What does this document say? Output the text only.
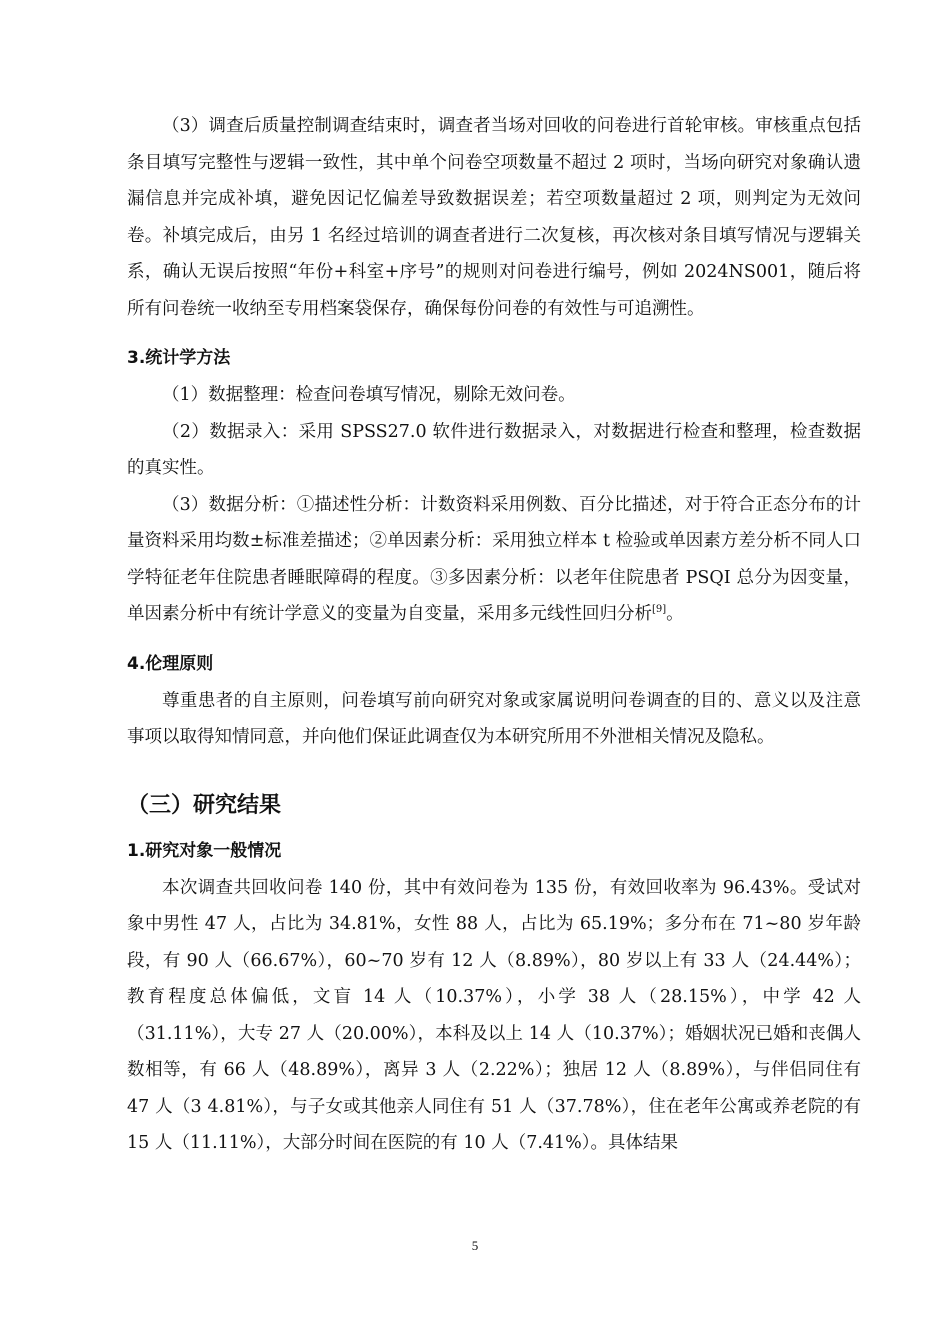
（3）调查后质量控制调查结束时，调查者当场对回收的问卷进行首轮审核。审核重点包括条目填写完整性与逻辑一致性，其中单个问卷空项数量不超过 2 项时，当场向研究对象确认遗漏信息并完成补填，避免因记忆偏差导致数据误差；若空项数量超过 2 项，则判定为无效问卷。补填完成后，由另 1 名经过培训的调查者进行二次复核，再次核对条目填写情况与逻辑关系，确认无误后按照“年份+科室+序号”的规则对问卷进行编号，例如 2024NS001，随后将所有问卷统一收纳至专用档案袋保存，确保每份问卷的有效性与可追溯性。

3.统计学方法

（1）数据整理：检查问卷填写情况，剔除无效问卷。

（2）数据录入：采用 SPSS27.0 软件进行数据录入，对数据进行检查和整理，检查数据的真实性。

（3）数据分析：①描述性分析：计数资料采用例数、百分比描述，对于符合正态分布的计量资料采用均数±标准差描述；②单因素分析：采用独立样本 t 检验或单因素方差分析不同人口学特征老年住院患者睡眠障碍的程度。③多因素分析：以老年住院患者 PSQI 总分为因变量，单因素分析中有统计学意义的变量为自变量，采用多元线性回归分析[9]。

4.伦理原则

尊重患者的自主原则，问卷填写前向研究对象或家属说明问卷调查的目的、意义以及注意事项以取得知情同意，并向他们保证此调查仅为本研究所用不外泄相关情况及隐私。

（三）研究结果
1.研究对象一般情况

本次调查共回收问卷 140 份，其中有效问卷为 135 份，有效回收率为 96.43%。受试对象中男性 47 人，占比为 34.81%，女性 88 人，占比为 65.19%；多分布在 71~80 岁年龄段，有 90 人（66.67%），60~70 岁有 12 人（8.89%），80 岁以上有 33 人（24.44%）；教育程度总体偏低，文盲 14 人（10.37%），小学 38 人（28.15%），中学 42 人（31.11%），大专 27 人（20.00%），本科及以上 14 人（10.37%）；婚姻状况已婚和丧偶人数相等，有 66 人（48.89%），离异 3 人（2.22%）；独居 12 人（8.89%），与伴侣同住有 47 人（3 4.81%），与子女或其他亲人同住有 51 人（37.78%），住在老年公寓或养老院的有 15 人（11.11%），大部分时间在医院的有 10 人（7.41%）。具体结果

5
